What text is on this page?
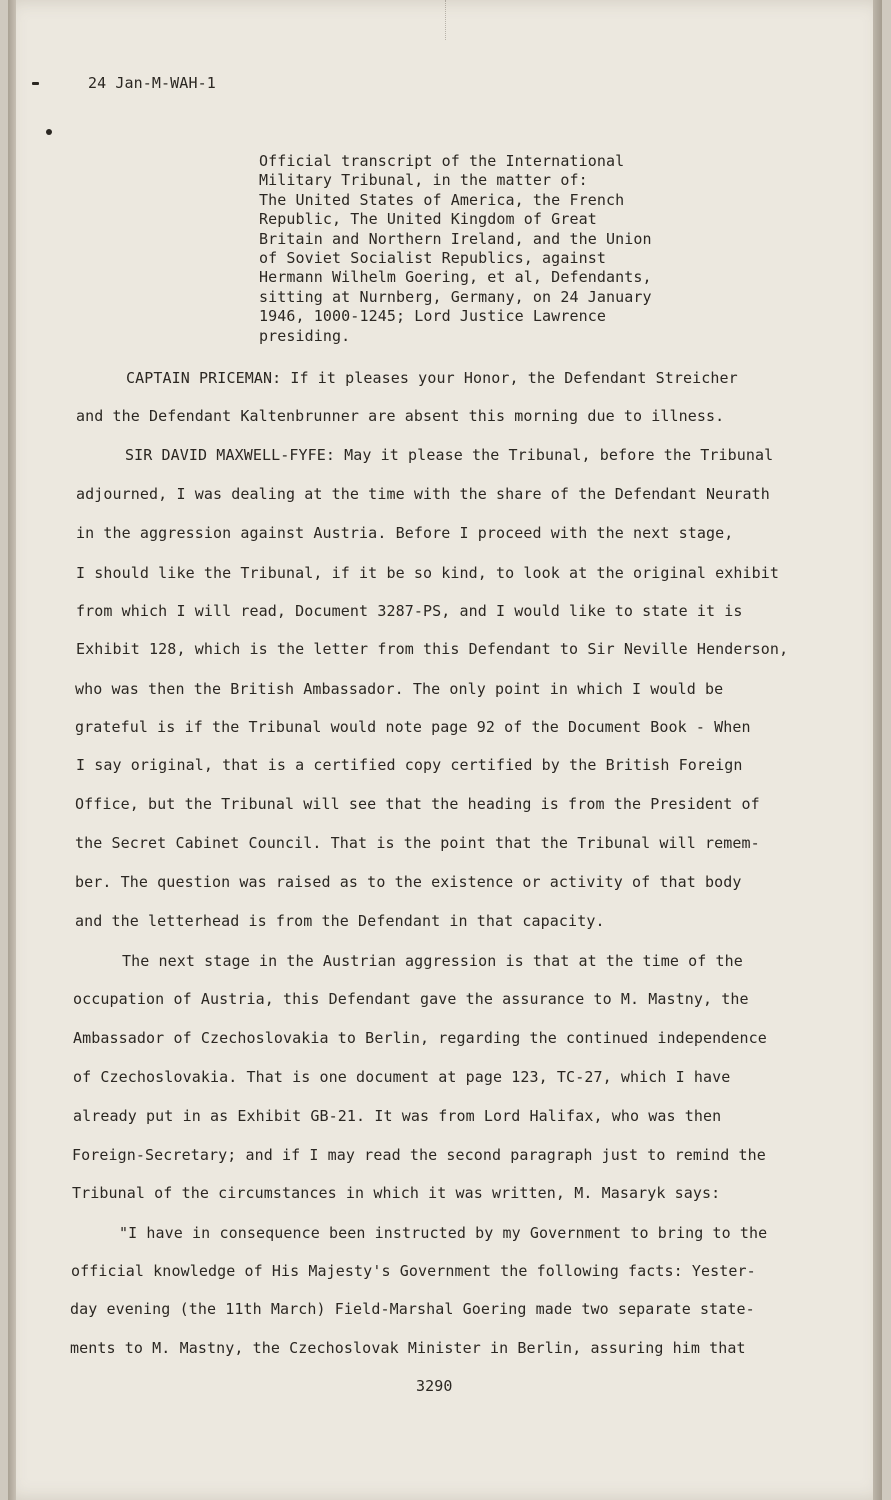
24 Jan-M-WAH-1
Official transcript of the International
Military Tribunal, in the matter of:
The United States of America, the French
Republic, The United Kingdom of Great
Britain and Northern Ireland, and the Union
of Soviet Socialist Republics, against
Hermann Wilhelm Goering, et al, Defendants,
sitting at Nurnberg, Germany, on 24 January
1946, 1000-1245; Lord Justice Lawrence
presiding.
CAPTAIN PRICEMAN: If it pleases your Honor, the Defendant Streicher
and the Defendant Kaltenbrunner are absent this morning due to illness.
SIR DAVID MAXWELL-FYFE: May it please the Tribunal, before the Tribunal
adjourned, I was dealing at the time with the share of the Defendant Neurath
in the aggression against Austria. Before I proceed with the next stage,
I should like the Tribunal, if it be so kind, to look at the original exhibit
from which I will read, Document 3287-PS, and I would like to state it is
Exhibit 128, which is the letter from this Defendant to Sir Neville Henderson,
who was then the British Ambassador. The only point in which I would be
grateful is if the Tribunal would note page 92 of the Document Book - When
I say original, that is a certified copy certified by the British Foreign
Office, but the Tribunal will see that the heading is from the President of
the Secret Cabinet Council. That is the point that the Tribunal will remem-
ber. The question was raised as to the existence or activity of that body
and the letterhead is from the Defendant in that capacity.
The next stage in the Austrian aggression is that at the time of the
occupation of Austria, this Defendant gave the assurance to M. Mastny, the
Ambassador of Czechoslovakia to Berlin, regarding the continued independence
of Czechoslovakia. That is one document at page 123, TC-27, which I have
already put in as Exhibit GB-21. It was from Lord Halifax, who was then
Foreign-Secretary; and if I may read the second paragraph just to remind the
Tribunal of the circumstances in which it was written, M. Masaryk says:
"I have in consequence been instructed by my Government to bring to the
official knowledge of His Majesty's Government the following facts: Yester-
day evening (the 11th March) Field-Marshal Goering made two separate state-
ments to M. Mastny, the Czechoslovak Minister in Berlin, assuring him that
3290
